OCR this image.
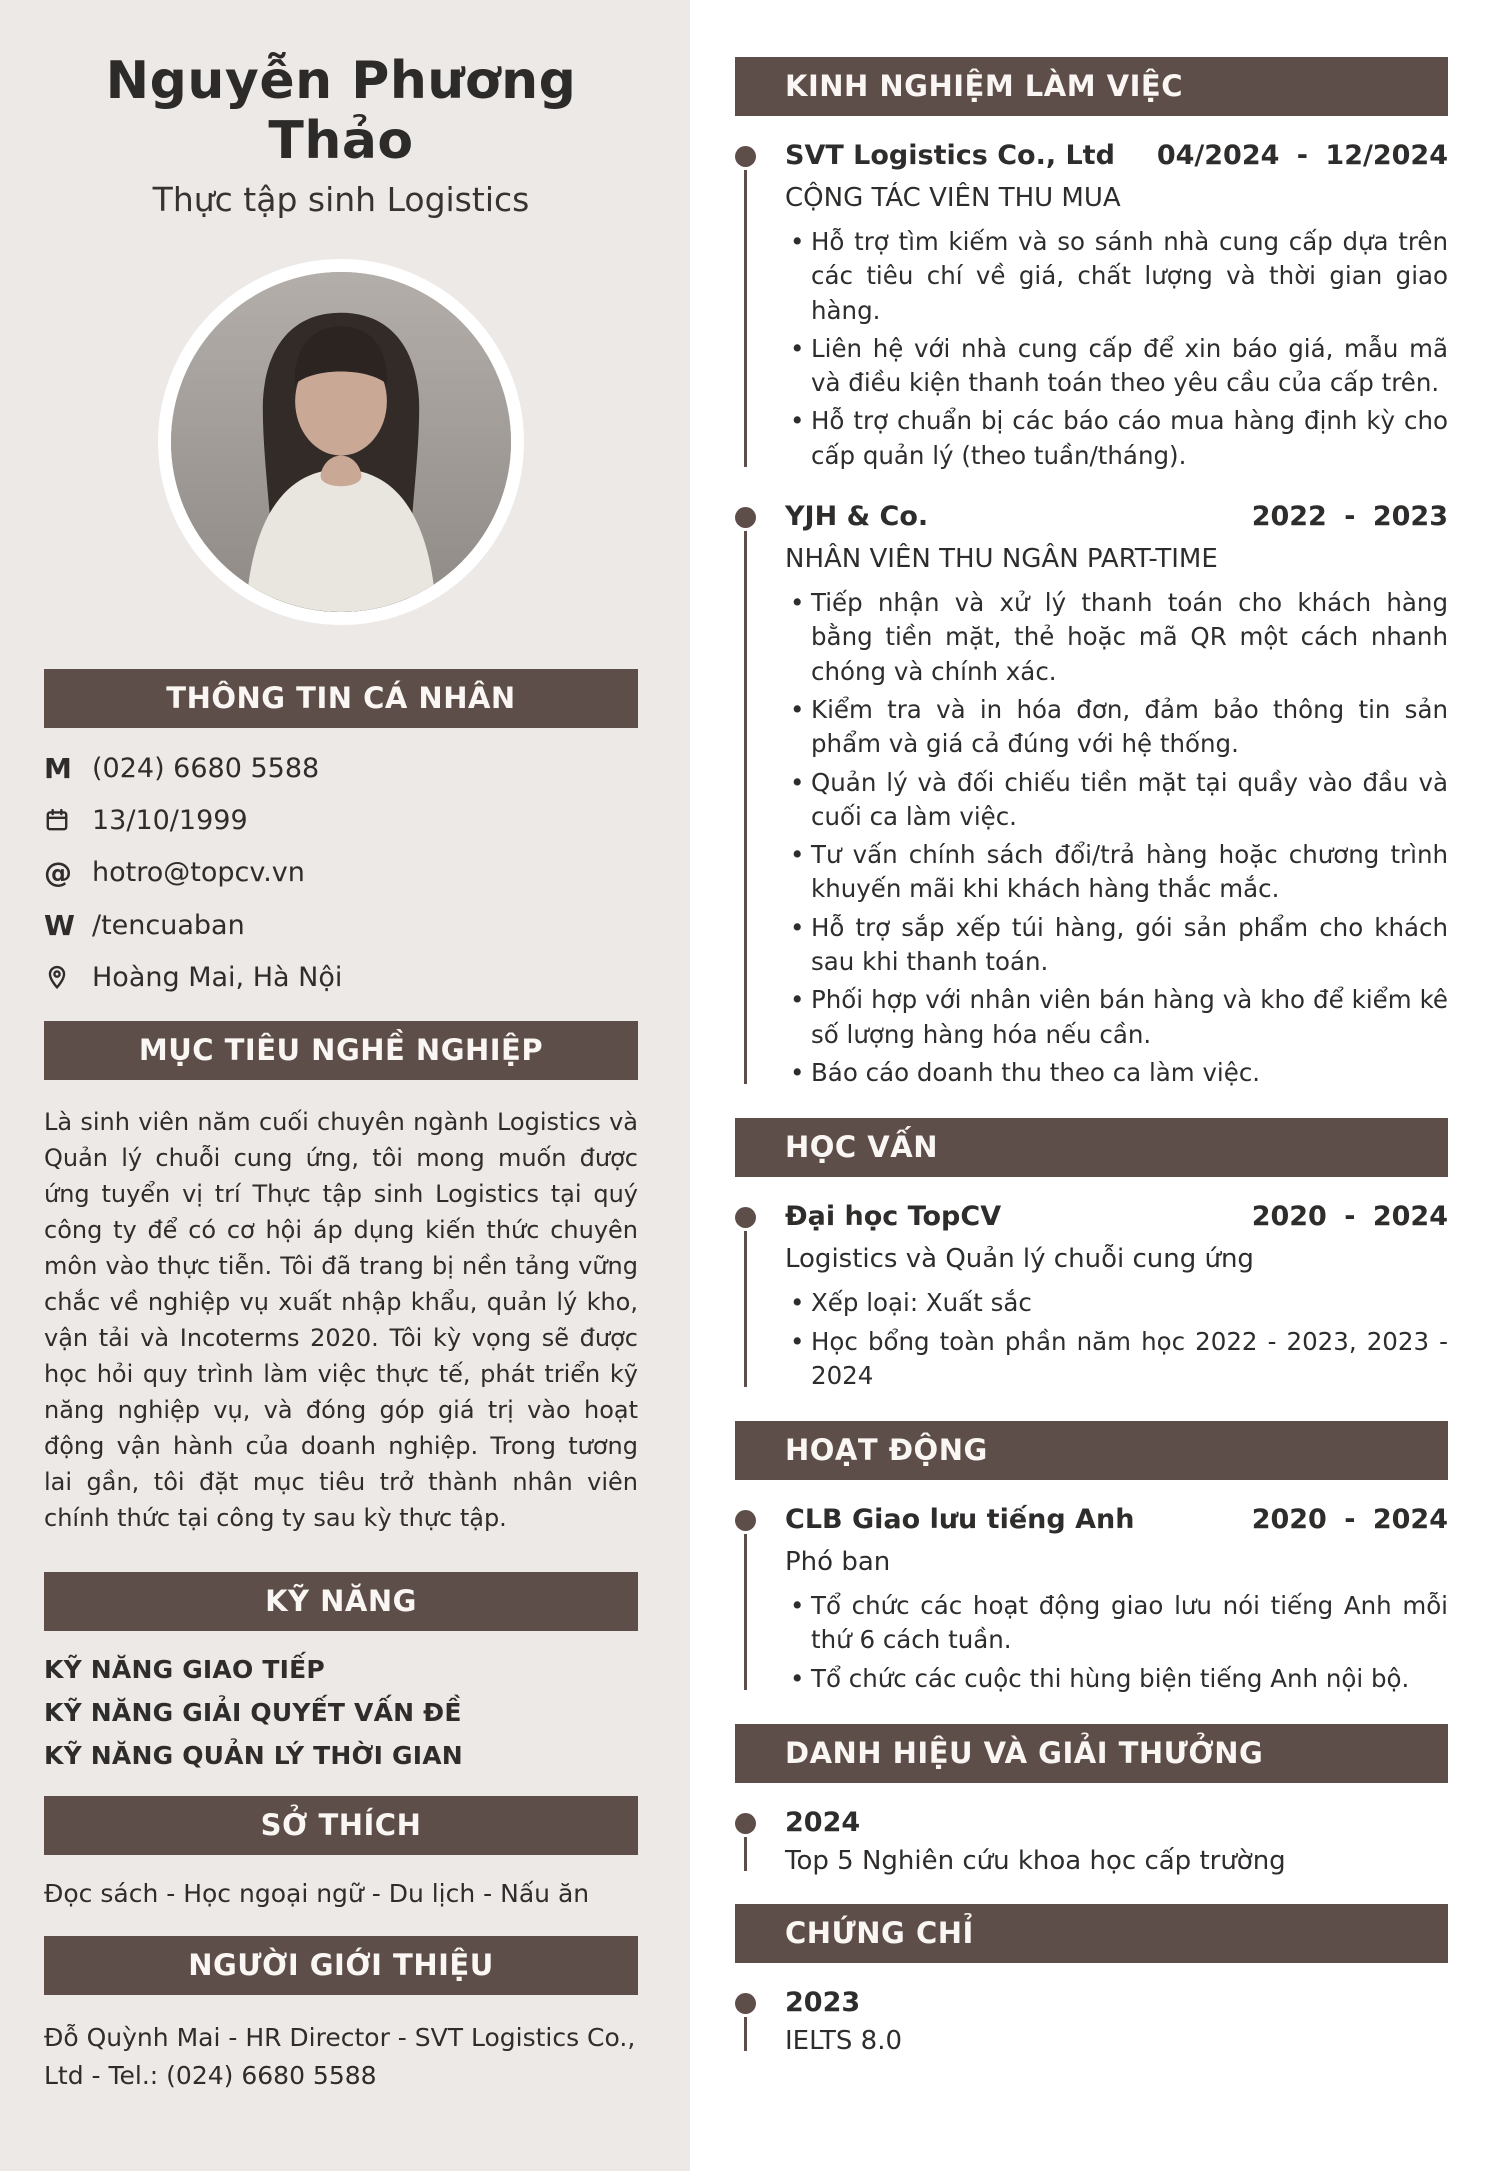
Nguyễn Phương Thảo
Thực tập sinh Logistics
THÔNG TIN CÁ NHÂN
M (024) 6680 5588
13/10/1999
@ hotro@topcv.vn
W /tencuaban
Hoàng Mai, Hà Nội
MỤC TIÊU NGHỀ NGHIỆP
Là sinh viên năm cuối chuyên ngành Logistics và Quản lý chuỗi cung ứng, tôi mong muốn được ứng tuyển vị trí Thực tập sinh Logistics tại quý công ty để có cơ hội áp dụng kiến thức chuyên môn vào thực tiễn. Tôi đã trang bị nền tảng vững chắc về nghiệp vụ xuất nhập khẩu, quản lý kho, vận tải và Incoterms 2020. Tôi kỳ vọng sẽ được học hỏi quy trình làm việc thực tế, phát triển kỹ năng nghiệp vụ, và đóng góp giá trị vào hoạt động vận hành của doanh nghiệp. Trong tương lai gần, tôi đặt mục tiêu trở thành nhân viên chính thức tại công ty sau kỳ thực tập.
KỸ NĂNG
KỸ NĂNG GIAO TIẾP
KỸ NĂNG GIẢI QUYẾT VẤN ĐỀ
KỸ NĂNG QUẢN LÝ THỜI GIAN
SỞ THÍCH
Đọc sách - Học ngoại ngữ - Du lịch - Nấu ăn
NGƯỜI GIỚI THIỆU
Đỗ Quỳnh Mai - HR Director - SVT Logistics Co., Ltd - Tel.: (024) 6680 5588
KINH NGHIỆM LÀM VIỆC
SVT Logistics Co., Ltd 04/2024 - 12/2024
CỘNG TÁC VIÊN THU MUA
• Hỗ trợ tìm kiếm và so sánh nhà cung cấp dựa trên các tiêu chí về giá, chất lượng và thời gian giao hàng.
• Liên hệ với nhà cung cấp để xin báo giá, mẫu mã và điều kiện thanh toán theo yêu cầu của cấp trên.
• Hỗ trợ chuẩn bị các báo cáo mua hàng định kỳ cho cấp quản lý (theo tuần/tháng).
YJH & Co.	2022 - 2023
NHÂN VIÊN THU NGÂN PART-TIME
• Tiếp nhận và xử lý thanh toán cho khách hàng bằng tiền mặt, thẻ hoặc mã QR một cách nhanh chóng và chính xác.
• Kiểm tra và in hóa đơn, đảm bảo thông tin sản phẩm và giá cả đúng với hệ thống.
• Quản lý và đối chiếu tiền mặt tại quầy vào đầu và cuối ca làm việc.
• Tư vấn chính sách đổi/trả hàng hoặc chương trình khuyến mãi khi khách hàng thắc mắc.
• Hỗ trợ sắp xếp túi hàng, gói sản phẩm cho khách sau khi thanh toán.
• Phối hợp với nhân viên bán hàng và kho để kiểm kê số lượng hàng hóa nếu cần.
• Báo cáo doanh thu theo ca làm việc.
HỌC VẤN
Đại học TopCV	2020 - 2024
Logistics và Quản lý chuỗi cung ứng
• Xếp loại: Xuất sắc
• Học bổng toàn phần năm học 2022 - 2023, 2023 - 2024
HOẠT ĐỘNG
CLB Giao lưu tiếng Anh	2020 - 2024
Phó ban
• Tổ chức các hoạt động giao lưu nói tiếng Anh mỗi thứ 6 cách tuần.
• Tổ chức các cuộc thi hùng biện tiếng Anh nội bộ.
DANH HIỆU VÀ GIẢI THƯỞNG
2024
Top 5 Nghiên cứu khoa học cấp trường
CHỨNG CHỈ
2023
IELTS 8.0
